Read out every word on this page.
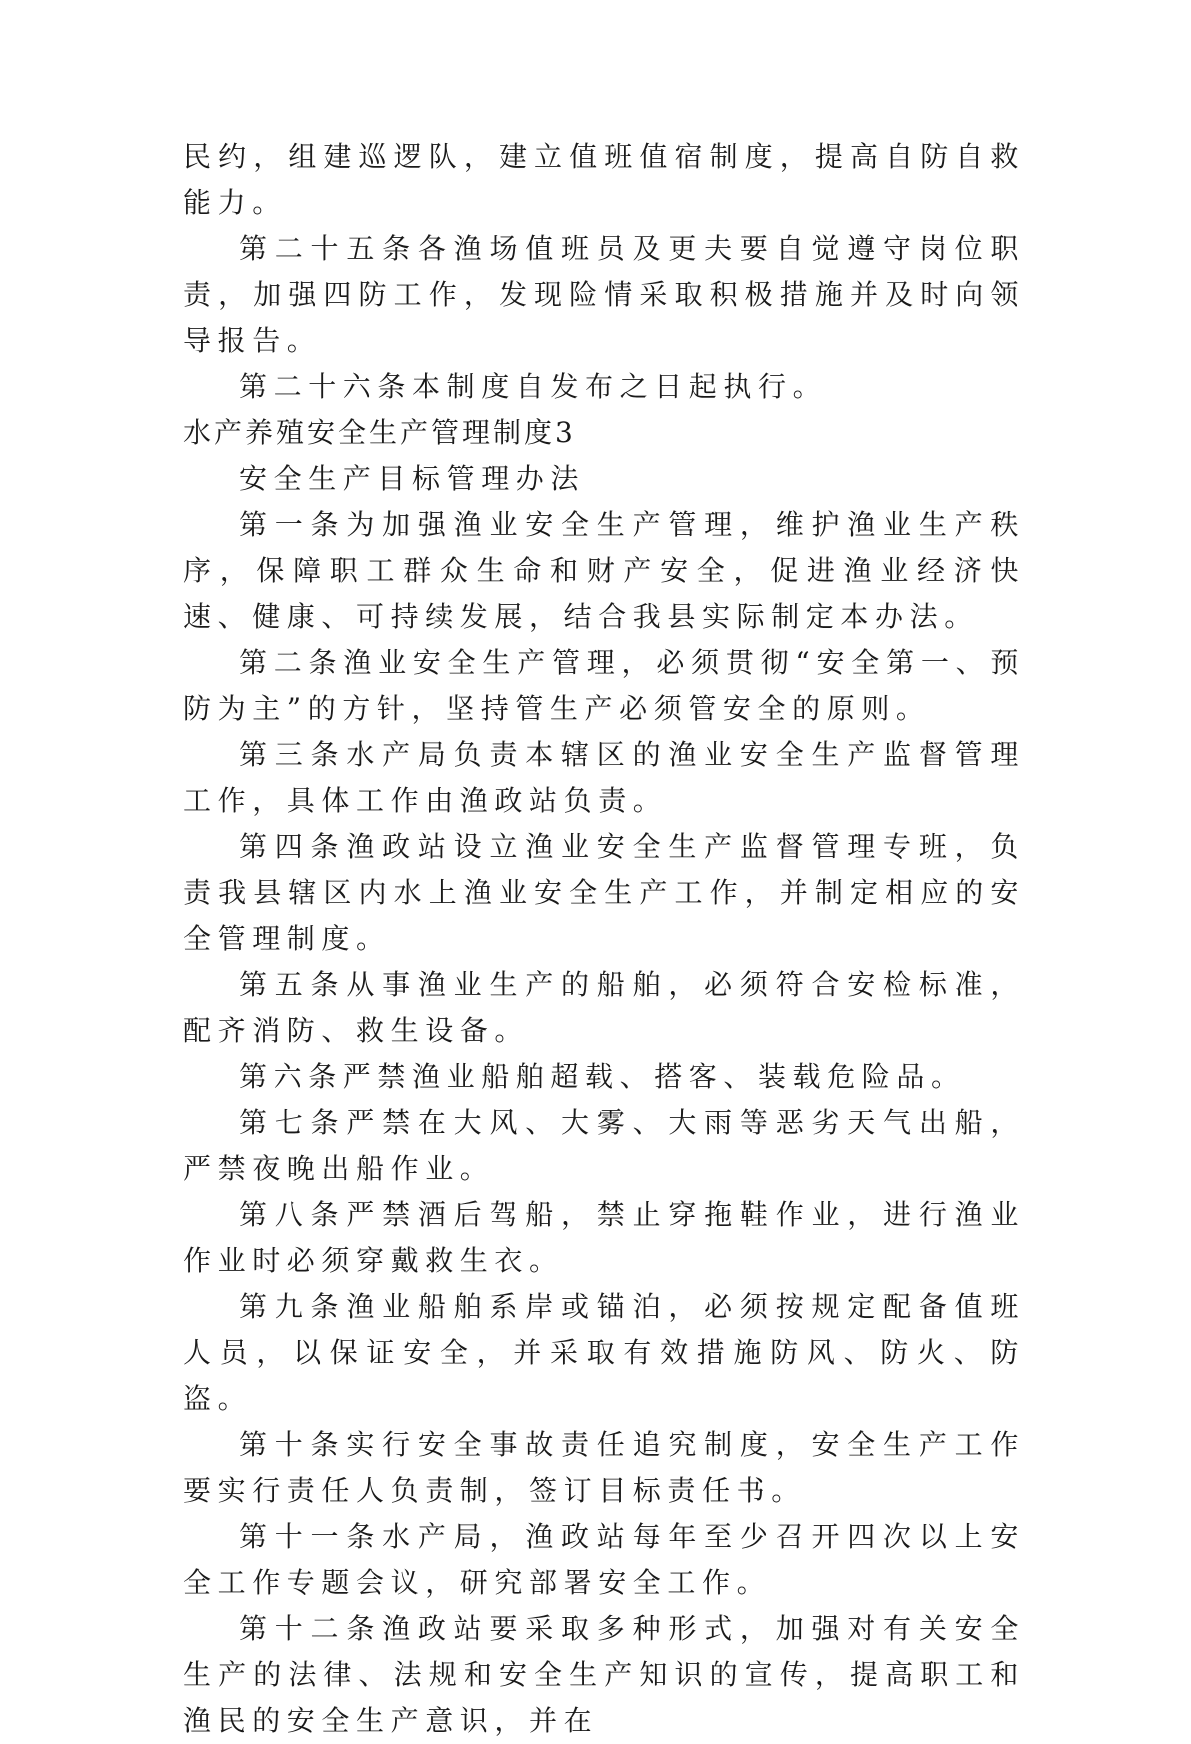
民约，组建巡逻队，建立值班值宿制度，提高自防自救能力。

第二十五条各渔场值班员及更夫要自觉遵守岗位职责，加强四防工作，发现险情采取积极措施并及时向领导报告。

第二十六条本制度自发布之日起执行。

水产养殖安全生产管理制度3

安全生产目标管理办法

第一条为加强渔业安全生产管理，维护渔业生产秩序，保障职工群众生命和财产安全，促进渔业经济快速、健康、可持续发展，结合我县实际制定本办法。

第二条渔业安全生产管理，必须贯彻“安全第一、预防为主”的方针，坚持管生产必须管安全的原则。

第三条水产局负责本辖区的渔业安全生产监督管理工作，具体工作由渔政站负责。

第四条渔政站设立渔业安全生产监督管理专班，负责我县辖区内水上渔业安全生产工作，并制定相应的安全管理制度。

第五条从事渔业生产的船舶，必须符合安检标准，配齐消防、救生设备。

第六条严禁渔业船舶超载、搭客、装载危险品。

第七条严禁在大风、大雾、大雨等恶劣天气出船，严禁夜晚出船作业。

第八条严禁酒后驾船，禁止穿拖鞋作业，进行渔业作业时必须穿戴救生衣。

第九条渔业船舶系岸或锚泊，必须按规定配备值班人员，以保证安全，并采取有效措施防风、防火、防盗。

第十条实行安全事故责任追究制度，安全生产工作要实行责任人负责制，签订目标责任书。

第十一条水产局，渔政站每年至少召开四次以上安全工作专题会议，研究部署安全工作。

第十二条渔政站要采取多种形式，加强对有关安全生产的法律、法规和安全生产知识的宣传，提高职工和渔民的安全生产意识，并在
